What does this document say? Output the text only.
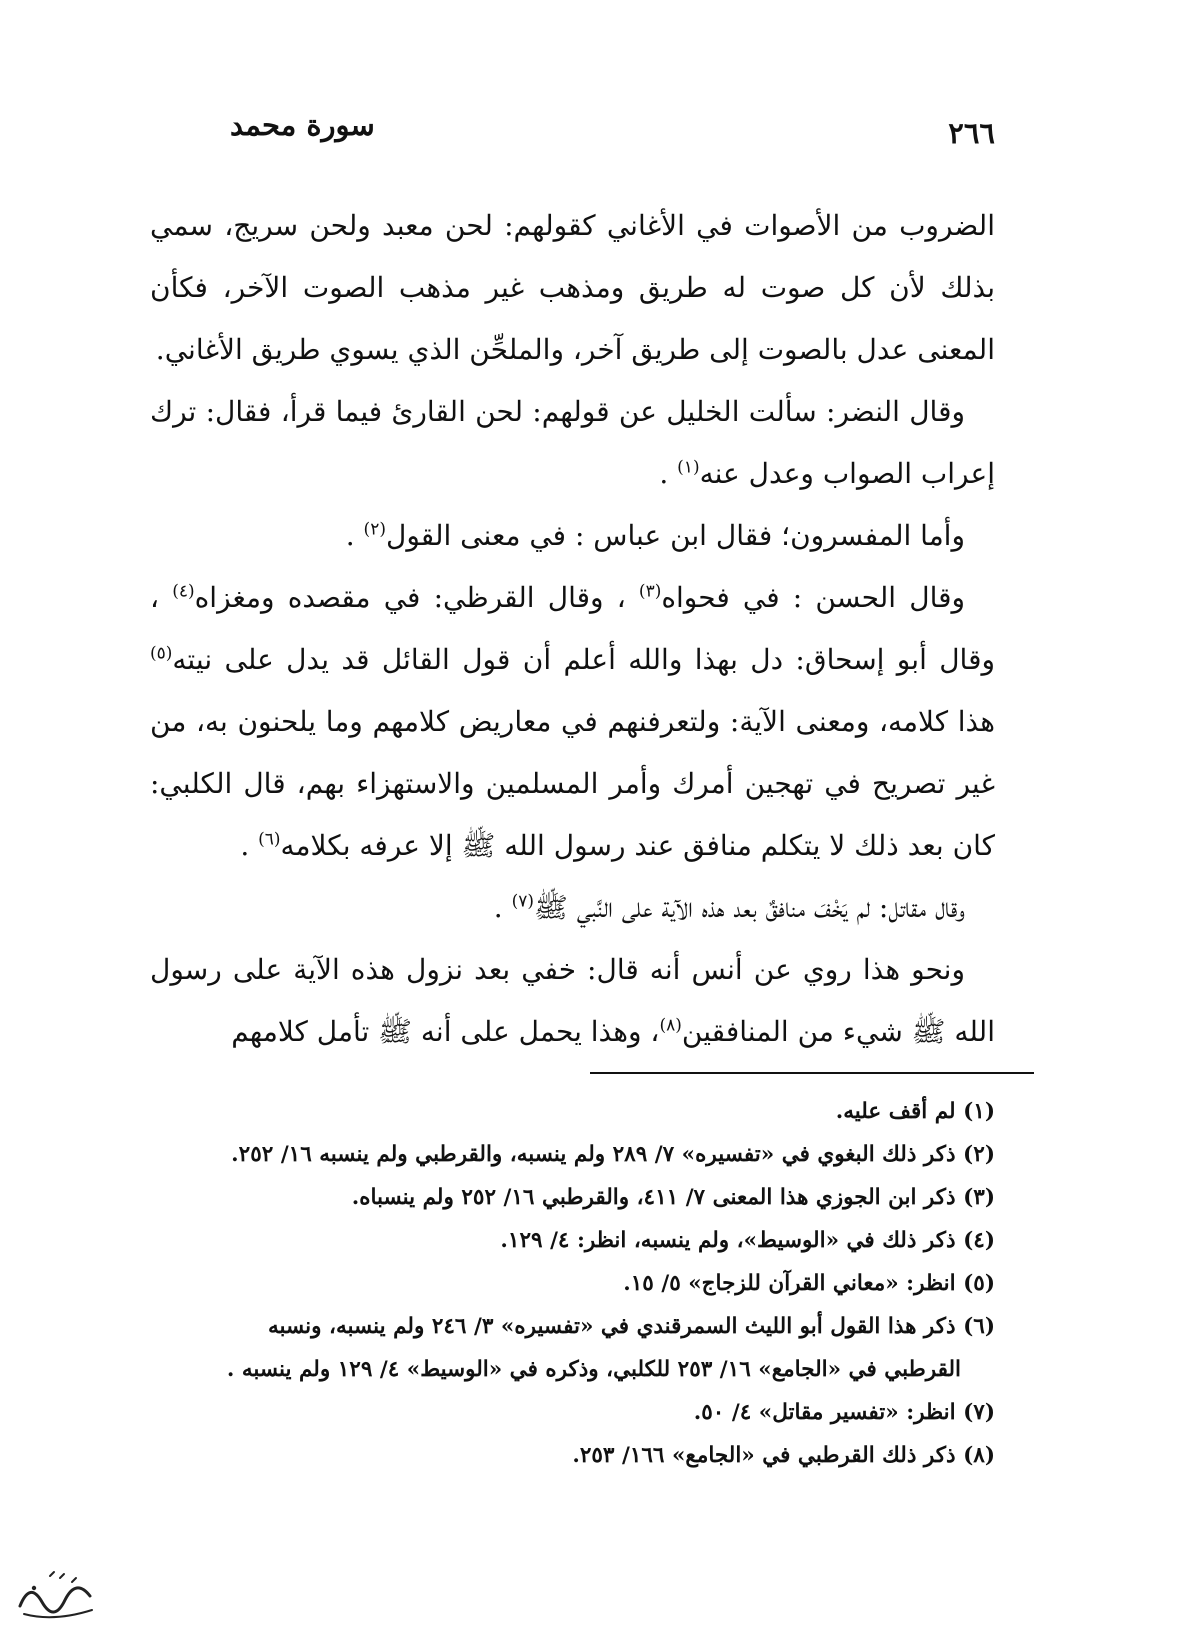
٢٦٦
سورة محمد

الضروب من الأصوات في الأغاني كقولهم: لحن معبد ولحن سريج، سمي بذلك لأن كل صوت له طريق ومذهب غير مذهب الصوت الآخر، فكأن المعنى عدل بالصوت إلى طريق آخر، والملحِّن الذي يسوي طريق الأغاني.

وقال النضر: سألت الخليل عن قولهم: لحن القارئ فيما قرأ، فقال: ترك إعراب الصواب وعدل عنه$^{(١)}$ .

وأما المفسرون؛ فقال ابن عباس : في معنى القول$^{(٢)}$ .

وقال الحسن : في فحواه$^{(٣)}$ ، وقال القرظي: في مقصده ومغزاه$^{(٤)}$ ، وقال أبو إسحاق: دل بهذا والله أعلم أن قول القائل قد يدل على نيته$^{(٥)}$ هذا كلامه، ومعنى الآية: ولتعرفنهم في معاريض كلامهم وما يلحنون به، من غير تصريح في تهجين أمرك وأمر المسلمين والاستهزاء بهم، قال الكلبي: كان بعد ذلك لا يتكلم منافق عند رسول الله ﷺ إلا عرفه بكلامه$^{(٦)}$ .

وقال مقاتل: لم يَخْفَ منافقٌ بعد هذه الآية على النَّبي ﷺ$^{(٧)}$ .

ونحو هذا روي عن أنس أنه قال: خفي بعد نزول هذه الآية على رسول الله ﷺ شيء من المنافقين$^{(٨)}$، وهذا يحمل على أنه ﷺ تأمل كلامهم

(١) لم أقف عليه.

(٢) ذكر ذلك البغوي في «تفسيره» ٧/ ٢٨٩ ولم ينسبه، والقرطبي ولم ينسبه ١٦/ ٢٥٢.

(٣) ذكر ابن الجوزي هذا المعنى ٧/ ٤١١، والقرطبي ١٦/ ٢٥٢ ولم ينسباه.

(٤) ذكر ذلك في «الوسيط»، ولم ينسبه، انظر: ٤/ ١٢٩.

(٥) انظر: «معاني القرآن للزجاج» ٥/ ١٥.

(٦) ذكر هذا القول أبو الليث السمرقندي في «تفسيره» ٣/ ٢٤٦ ولم ينسبه، ونسبه

القرطبي في «الجامع» ١٦/ ٢٥٣ للكلبي، وذكره في «الوسيط» ٤/ ١٢٩ ولم ينسبه .

(٧) انظر: «تفسير مقاتل» ٤/ ٥٠.

(٨) ذكر ذلك القرطبي في «الجامع» ١٦٦/ ٢٥٣.
